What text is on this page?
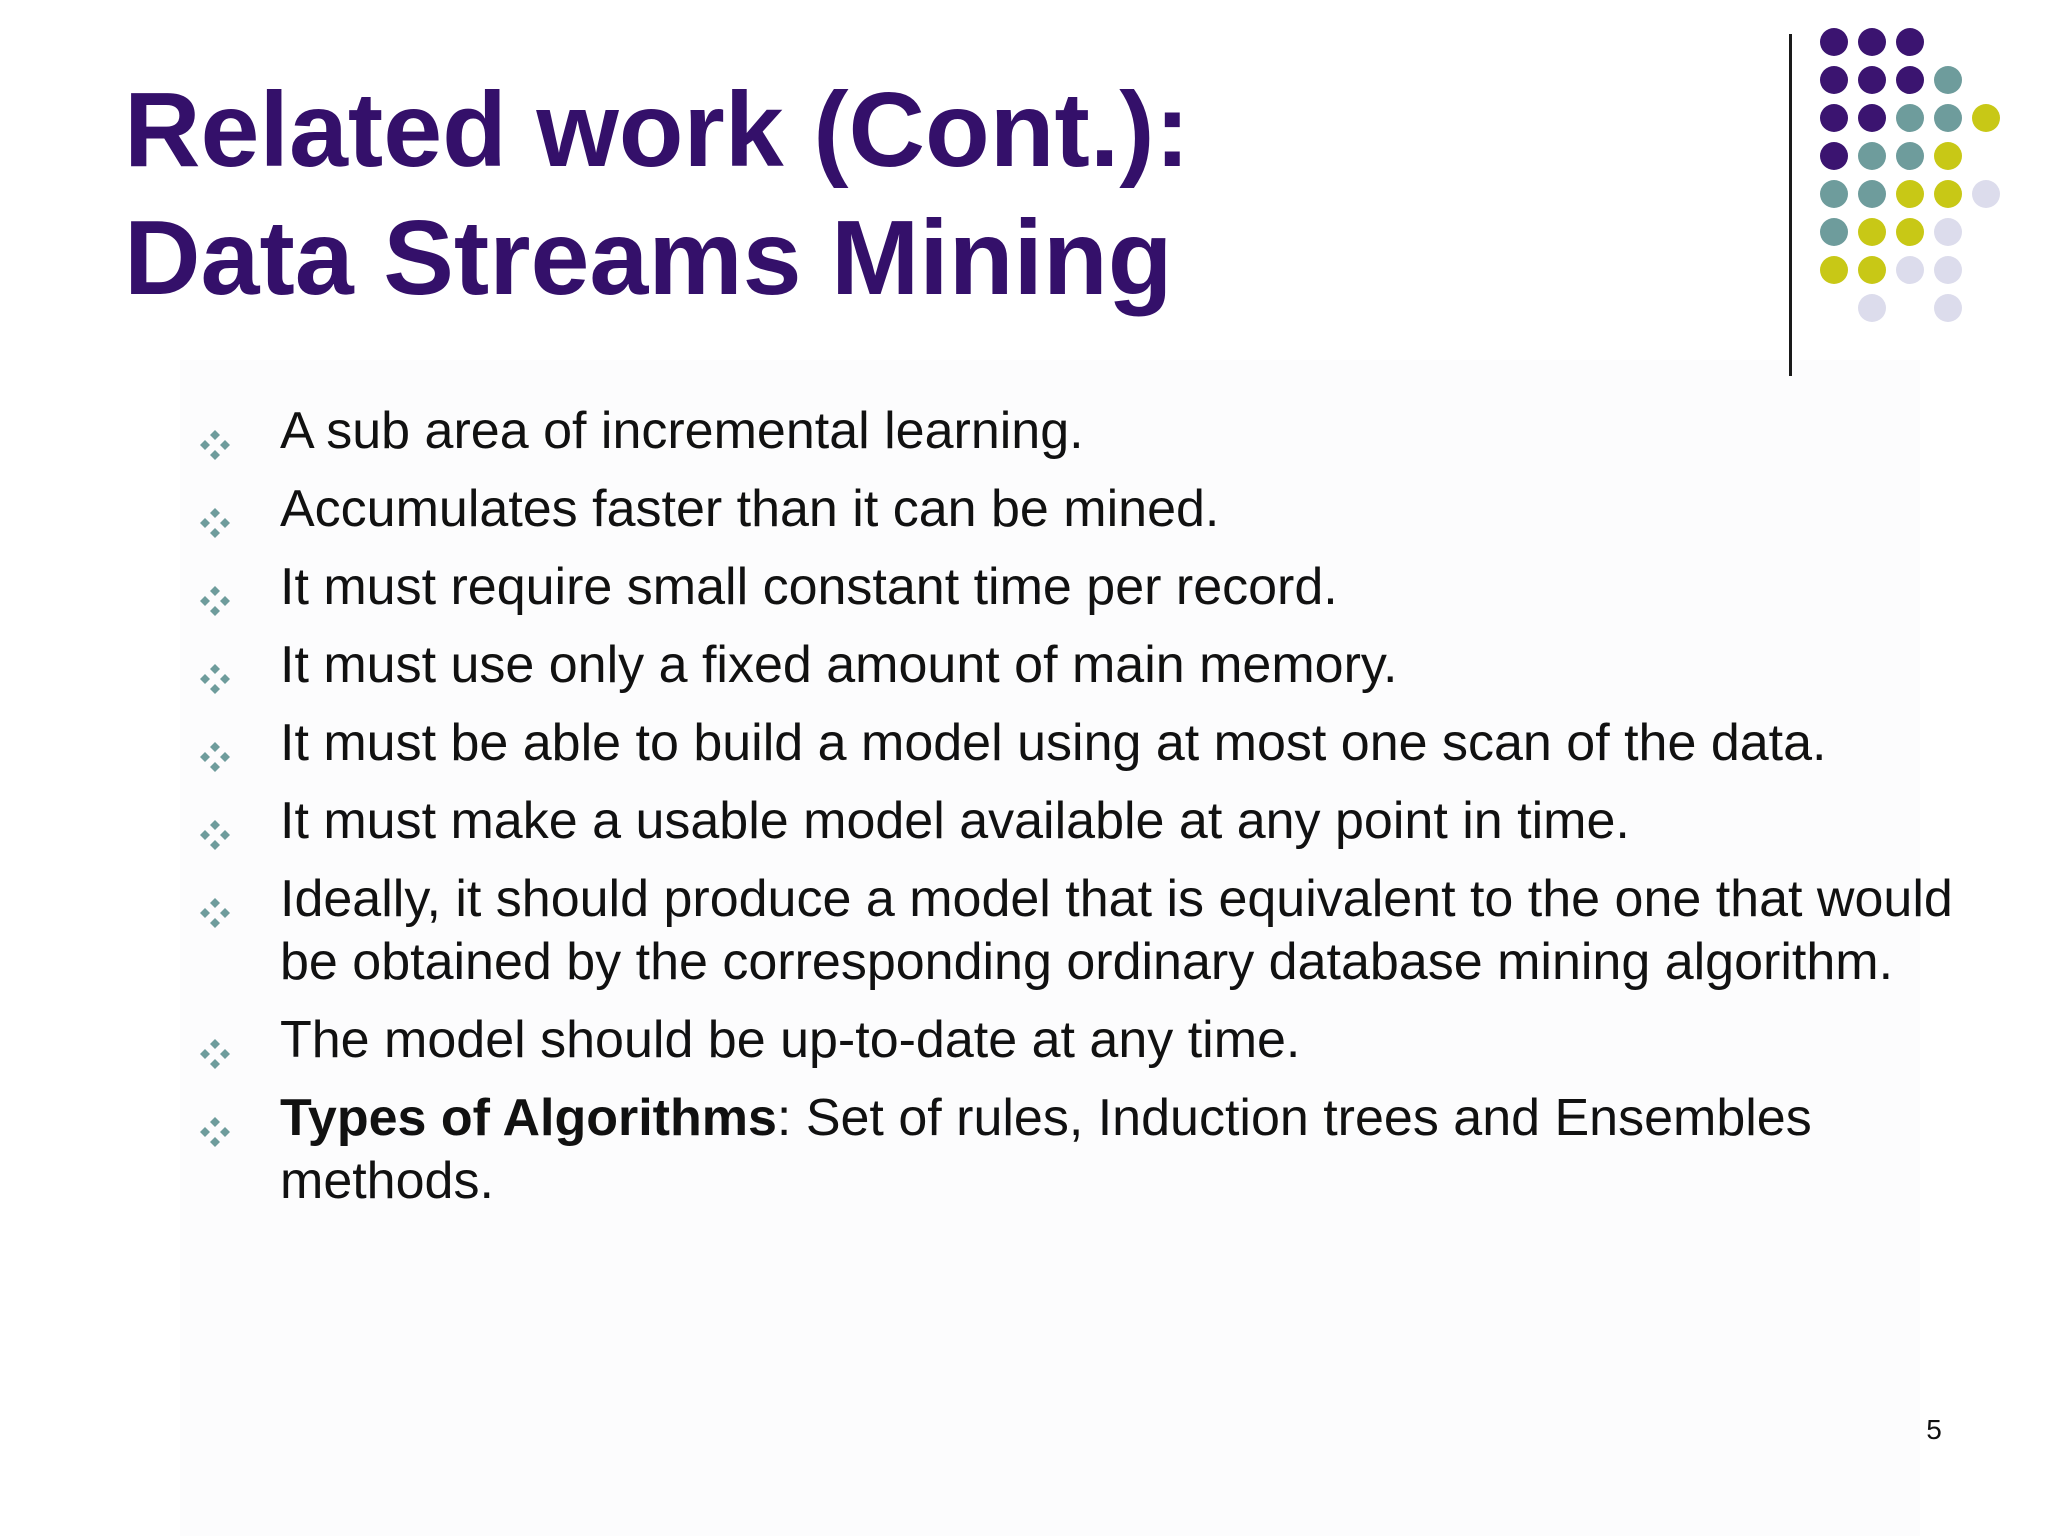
Related work (Cont.):
Data Streams Mining
A sub area of incremental learning.
Accumulates faster than it can be mined.
It must require small constant time per record.
It must use only a fixed amount of main memory.
It must be able to build a model using at most one scan of the data.
It must make a usable model available at any point in time.
Ideally, it should produce a model that is equivalent to the one that would be obtained by the corresponding ordinary database mining algorithm.
The model should be up-to-date at any time.
Types of Algorithms: Set of rules, Induction trees and Ensembles methods.
5
